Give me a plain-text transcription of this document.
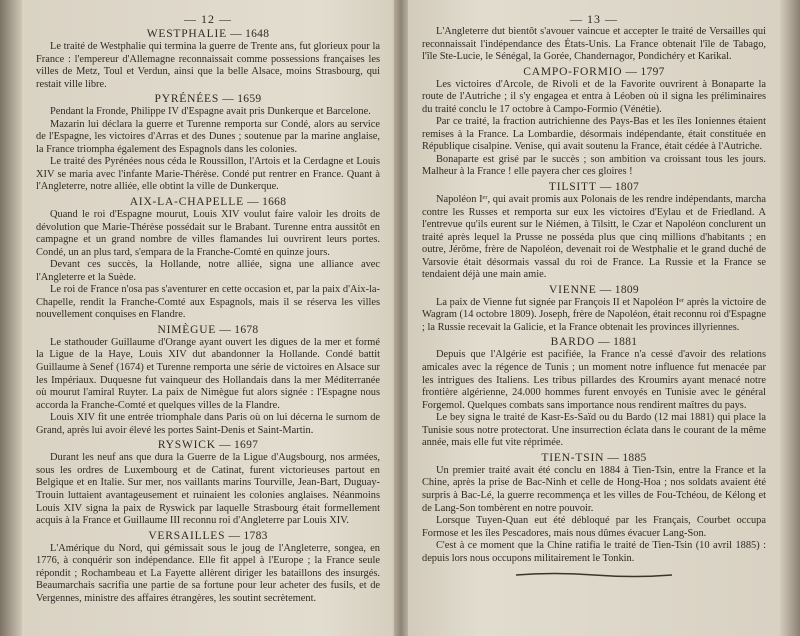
— 12 —
WESTPHALIE — 1648

Le traité de Westphalie qui termina la guerre de Trente ans, fut glorieux pour la France : l'empereur d'Allemagne reconnaissait comme possessions françaises les villes de Metz, Toul et Verdun, ainsi que la belle Alsace, moins Strasbourg, qui restait ville libre.

PYRÉNÉES — 1659

Pendant la Fronde, Philippe IV d'Espagne avait pris Dunkerque et Barcelone.

Mazarin lui déclara la guerre et Turenne remporta sur Condé, alors au service de l'Espagne, les victoires d'Arras et des Dunes ; soutenue par la marine anglaise, la France triompha également des Espagnols dans les colonies.

Le traité des Pyrénées nous céda le Roussillon, l'Artois et la Cerdagne et Louis XIV se maria avec l'infante Marie-Thérèse. Condé put rentrer en France. Quant à l'Angleterre, notre alliée, elle obtint la ville de Dunkerque.

AIX-LA-CHAPELLE — 1668

Quand le roi d'Espagne mourut, Louis XIV voulut faire valoir les droits de dévolution que Marie-Thérèse possédait sur le Brabant. Turenne entra aussitôt en campagne et un grand nombre de villes flamandes lui ouvrirent leurs portes. Condé, un an plus tard, s'empara de la Franche-Comté en quinze jours.

Devant ces succès, la Hollande, notre alliée, signa une alliance avec l'Angleterre et la Suède.

Le roi de France n'osa pas s'aventurer en cette occasion et, par la paix d'Aix-la-Chapelle, rendit la Franche-Comté aux Espagnols, mais il se réserva les villes nouvellement conquises en Flandre.

NIMÈGUE — 1678

Le stathouder Guillaume d'Orange ayant ouvert les digues de la mer et formé la Ligue de la Haye, Louis XIV dut abandonner la Hollande. Condé battit Guillaume à Senef (1674) et Turenne remporta une série de victoires en Alsace sur les Impériaux. Duquesne fut vainqueur des Hollandais dans la mer Méditerranée où mourut l'amiral Ruyter. La paix de Nimègue fut alors signée : l'Espagne nous accorda la Franche-Comté et quelques villes de la Flandre.

Louis XIV fit une entrée triomphale dans Paris où on lui décerna le surnom de Grand, après lui avoir élevé les portes Saint-Denis et Saint-Martin.

RYSWICK — 1697

Durant les neuf ans que dura la Guerre de la Ligue d'Augsbourg, nos armées, sous les ordres de Luxembourg et de Catinat, furent victorieuses partout en Belgique et en Italie. Sur mer, nos vaillants marins Tourville, Jean-Bart, Duguay-Trouin luttaient avantageusement et ruinaient les colonies anglaises. Néanmoins Louis XIV signa la paix de Ryswick par laquelle Strasbourg était formellement acquis à la France et Guillaume III reconnu roi d'Angleterre par Louis XIV.

VERSAILLES — 1783

L'Amérique du Nord, qui gémissait sous le joug de l'Angleterre, songea, en 1776, à conquérir son indépendance. Elle fit appel à l'Europe ; la France seule répondit ; Rochambeau et La Fayette allèrent diriger les bataillons des insurgés. Beaumarchais sacrifia une partie de sa fortune pour leur acheter des fusils, et de Vergennes, ministre des affaires étrangères, les soutint secrètement.

— 13 —

L'Angleterre dut bientôt s'avouer vaincue et accepter le traité de Versailles qui reconnaissait l'indépendance des États-Unis. La France obtenait l'île de Tabago, l'île Ste-Lucie, le Sénégal, la Gorée, Chandernagor, Pondichéry et Karikal.

CAMPO-FORMIO — 1797

Les victoires d'Arcole, de Rivoli et de la Favorite ouvrirent à Bonaparte la route de l'Autriche ; il s'y engagea et entra à Léoben où il signa les préliminaires du traité conclu le 17 octobre à Campo-Formio (Vénétie).

Par ce traité, la fraction autrichienne des Pays-Bas et les îles Ioniennes étaient remises à la France. La Lombardie, désormais indépendante, était constituée en République cisalpine. Venise, qui avait soutenu la France, était cédée à l'Autriche.

Bonaparte est grisé par le succès ; son ambition va croissant tous les jours. Malheur à la France ! elle payera cher ces gloires !

TILSITT — 1807

Napoléon Iᵉʳ, qui avait promis aux Polonais de les rendre indépendants, marcha contre les Russes et remporta sur eux les victoires d'Eylau et de Friedland. A l'entrevue qu'ils eurent sur le Niémen, à Tilsitt, le Czar et Napoléon conclurent un traité après lequel la Prusse ne posséda plus que cinq millions d'habitants ; en outre, Jérôme, frère de Napoléon, devenait roi de Westphalie et le grand duché de Varsovie était désormais vassal du roi de France. La Russie et la France se tendaient déjà une main amie.

VIENNE — 1809

La paix de Vienne fut signée par François II et Napoléon Iᵉʳ après la victoire de Wagram (14 octobre 1809). Joseph, frère de Napoléon, était reconnu roi d'Espagne ; la Russie recevait la Galicie, et la France obtenait les provinces illyriennes.

BARDO — 1881

Depuis que l'Algérie est pacifiée, la France n'a cessé d'avoir des relations amicales avec la régence de Tunis ; un moment notre influence fut menacée par les intrigues des Italiens. Les tribus pillardes des Kroumirs ayant menacé notre frontière algérienne, 24.000 hommes furent envoyés en Tunisie avec le général Forgemol. Quelques combats sans importance nous rendirent maîtres du pays.

Le bey signa le traité de Kasr-Es-Saïd ou du Bardo (12 mai 1881) qui place la Tunisie sous notre protectorat. Une insurrection éclata dans le courant de la même année, mais elle fut vite réprimée.

TIEN-TSIN — 1885

Un premier traité avait été conclu en 1884 à Tien-Tsin, entre la France et la Chine, après la prise de Bac-Ninh et celle de Hong-Hoa ; nos soldats avaient été surpris à Bac-Lé, la guerre recommença et les villes de Fou-Tchéou, de Kélong et de Lang-Son tombèrent en notre pouvoir.

Lorsque Tuyen-Quan eut été débloqué par les Français, Courbet occupa Formose et les îles Pescadores, mais nous dûmes évacuer Lang-Son.

C'est à ce moment que la Chine ratifia le traité de Tien-Tsin (10 avril 1885) : depuis lors nous occupons militairement le Tonkin.
